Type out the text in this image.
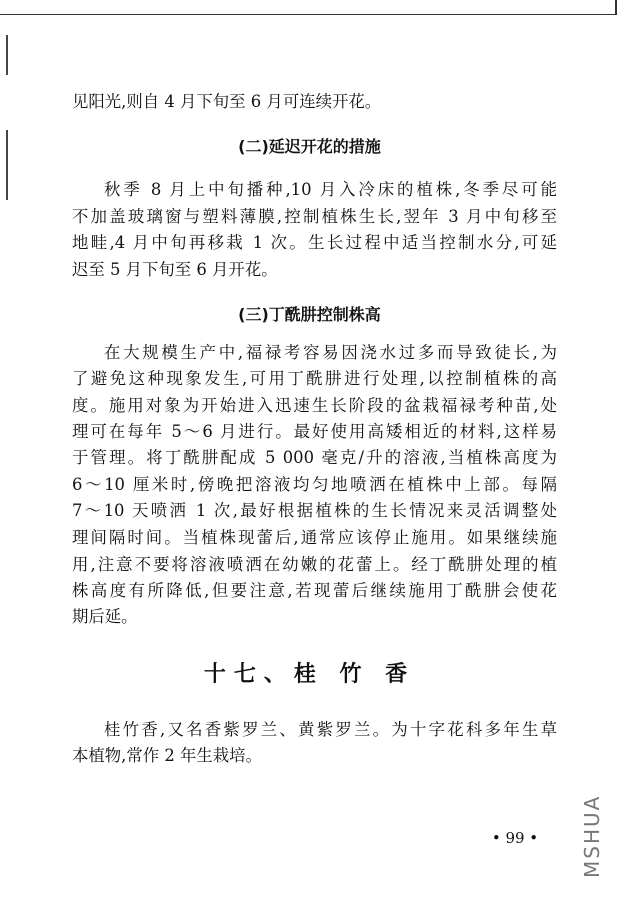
见阳光,则自 4 月下旬至 6 月可连续开花。
(二)延迟开花的措施
秋季 8 月上中旬播种,10 月入冷床的植株,冬季尽可能
不加盖玻璃窗与塑料薄膜,控制植株生长,翌年 3 月中旬移至
地畦,4 月中旬再移栽 1 次。生长过程中适当控制水分,可延
迟至 5 月下旬至 6 月开花。
(三)丁酰肼控制株高
在大规模生产中,福禄考容易因浇水过多而导致徒长,为
了避免这种现象发生,可用丁酰肼进行处理,以控制植株的高
度。施用对象为开始进入迅速生长阶段的盆栽福禄考种苗,处
理可在每年 5～6 月进行。最好使用高矮相近的材料,这样易
于管理。将丁酰肼配成 5 000 毫克/升的溶液,当植株高度为
6～10 厘米时,傍晚把溶液均匀地喷洒在植株中上部。每隔
7～10 天喷洒 1 次,最好根据植株的生长情况来灵活调整处
理间隔时间。当植株现蕾后,通常应该停止施用。如果继续施
用,注意不要将溶液喷洒在幼嫩的花蕾上。经丁酰肼处理的植
株高度有所降低,但要注意,若现蕾后继续施用丁酰肼会使花
期后延。
十七、桂 竹 香
桂竹香,又名香紫罗兰、黄紫罗兰。为十字花科多年生草
本植物,常作 2 年生栽培。
• 99 •	MSHUA
